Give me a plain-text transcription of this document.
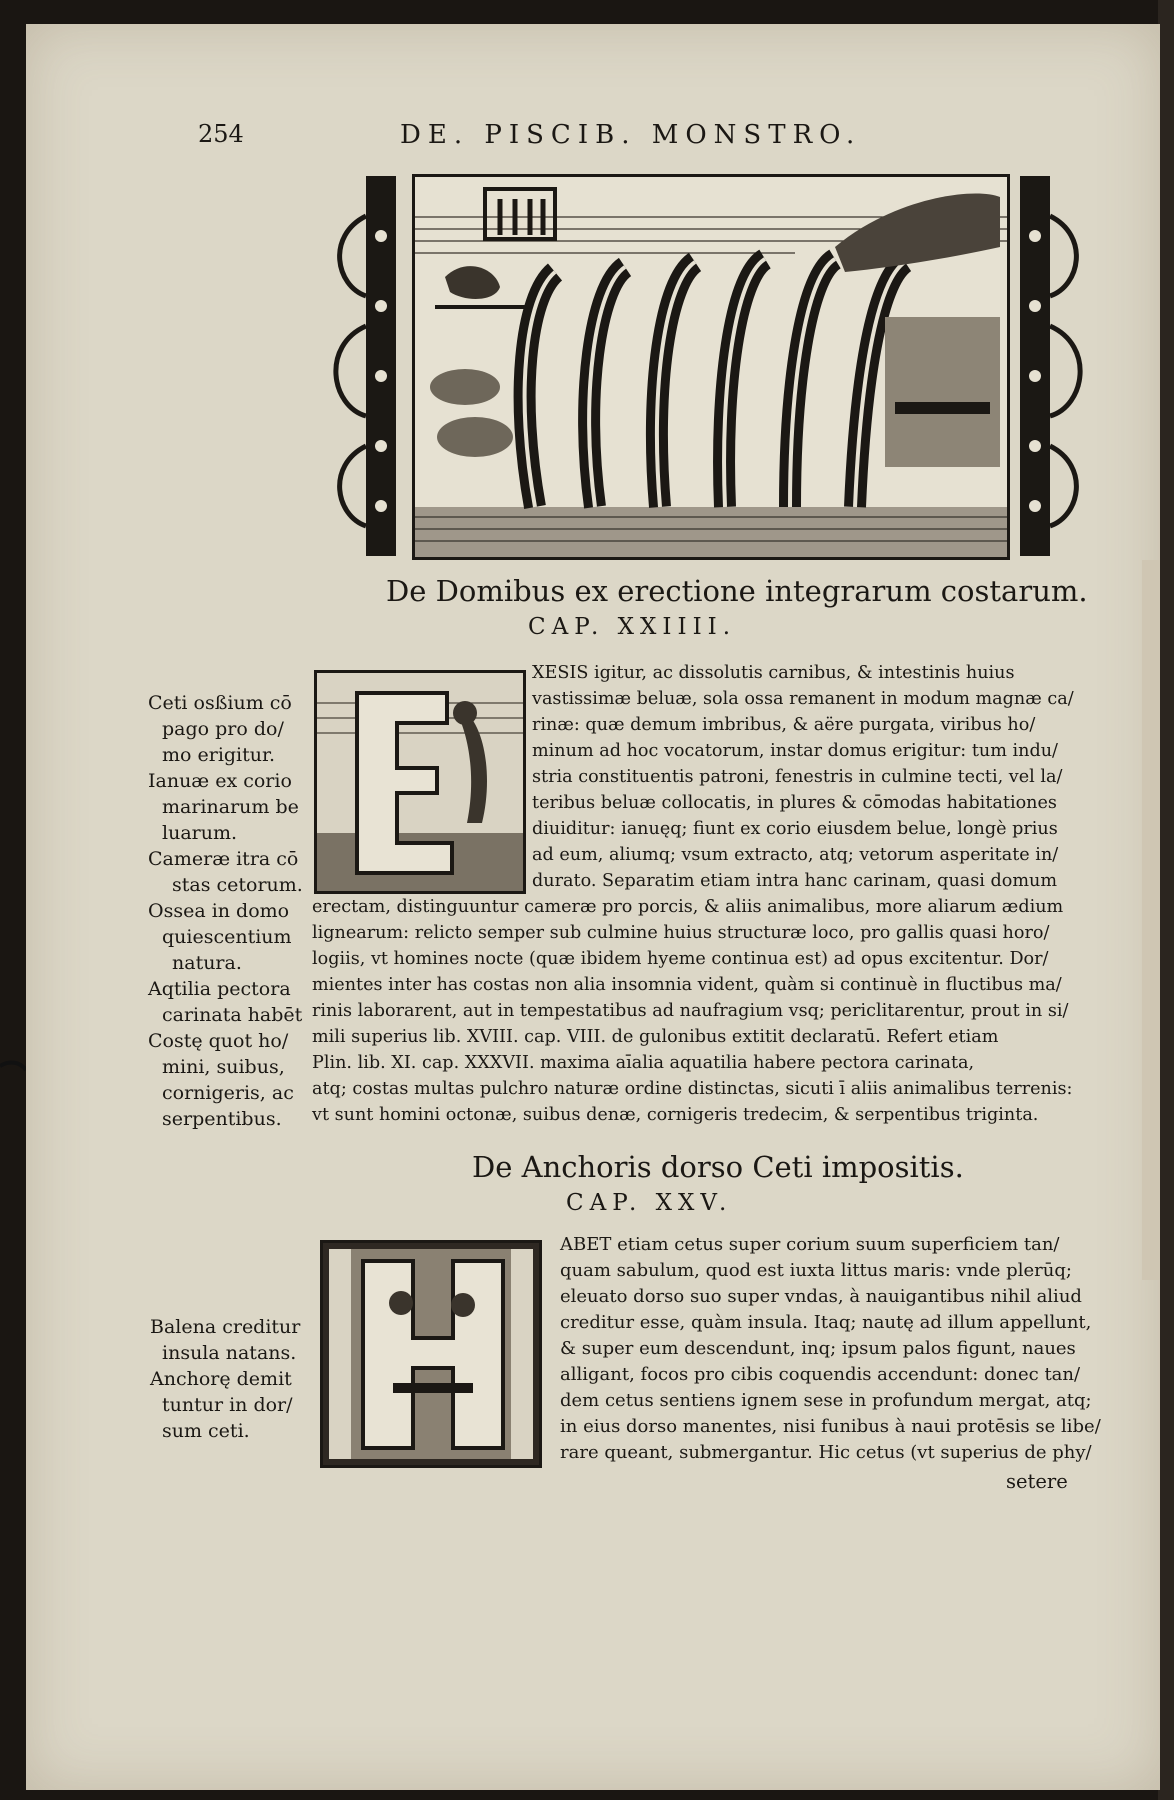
254	DE. PISCIB. MONSTRO.
De Domibus ex erectione integrarum costarum.
CAP. XXIIII.
Ceti osßium cō
pago pro do/
mo erigitur.
Ianuæ ex corio
marinarum be
luarum.
Cameræ itra cō
stas cetorum.
Ossea in domo
quiescentium
natura.
Aqtilia pectora
carinata habēt
Costę quot ho/
mini, suibus,
cornigeris, ac
serpentibus.
XESIS igitur, ac dissolutis carnibus, & intestinis huius
vastissimæ beluæ, sola ossa remanent in modum magnæ ca/
rinæ: quæ demum imbribus, & aëre purgata, viribus ho/
minum ad hoc vocatorum, instar domus erigitur: tum indu/
stria constituentis patroni, fenestris in culmine tecti, vel la/
teribus beluæ collocatis, in plures & cōmodas habitationes
diuiditur: ianuęq; fiunt ex corio eiusdem belue, longè prius
ad eum, aliumq; vsum extracto, atq; vetorum asperitate in/
durato. Separatim etiam intra hanc carinam, quasi domum
erectam, distinguuntur cameræ pro porcis, & aliis animalibus, more aliarum ædium
lignearum: relicto semper sub culmine huius structuræ loco, pro gallis quasi horo/
logiis, vt homines nocte (quæ ibidem hyeme continua est) ad opus excitentur. Dor/
mientes inter has costas non alia insomnia vident, quàm si continuè in fluctibus ma/
rinis laborarent, aut in tempestatibus ad naufragium vsq; periclitarentur, prout in si/
mili superius lib. XVIII. cap. VIII. de gulonibus extitit declaratū. Refert etiam
Plin. lib. XI. cap. XXXVII. maxima aīalia aquatilia habere pectora carinata,
atq; costas multas pulchro naturæ ordine distinctas, sicuti ī aliis animalibus terrenis:
vt sunt homini octonæ, suibus denæ, cornigeris tredecim, & serpentibus triginta.
De Anchoris dorso Ceti impositis.
CAP. XXV.
Balena creditur
insula natans.
Anchorę demit
tuntur in dor/
sum ceti.
ABET etiam cetus super corium suum superficiem tan/
quam sabulum, quod est iuxta littus maris: vnde plerūq;
eleuato dorso suo super vndas, à nauigantibus nihil aliud
creditur esse, quàm insula. Itaq; nautę ad illum appellunt,
& super eum descendunt, inq; ipsum palos figunt, naues
alligant, focos pro cibis coquendis accendunt: donec tan/
dem cetus sentiens ignem sese in profundum mergat, atq;
in eius dorso manentes, nisi funibus à naui protēsis se libe/
rare queant, submergantur. Hic cetus (vt superius de phy/
setere
